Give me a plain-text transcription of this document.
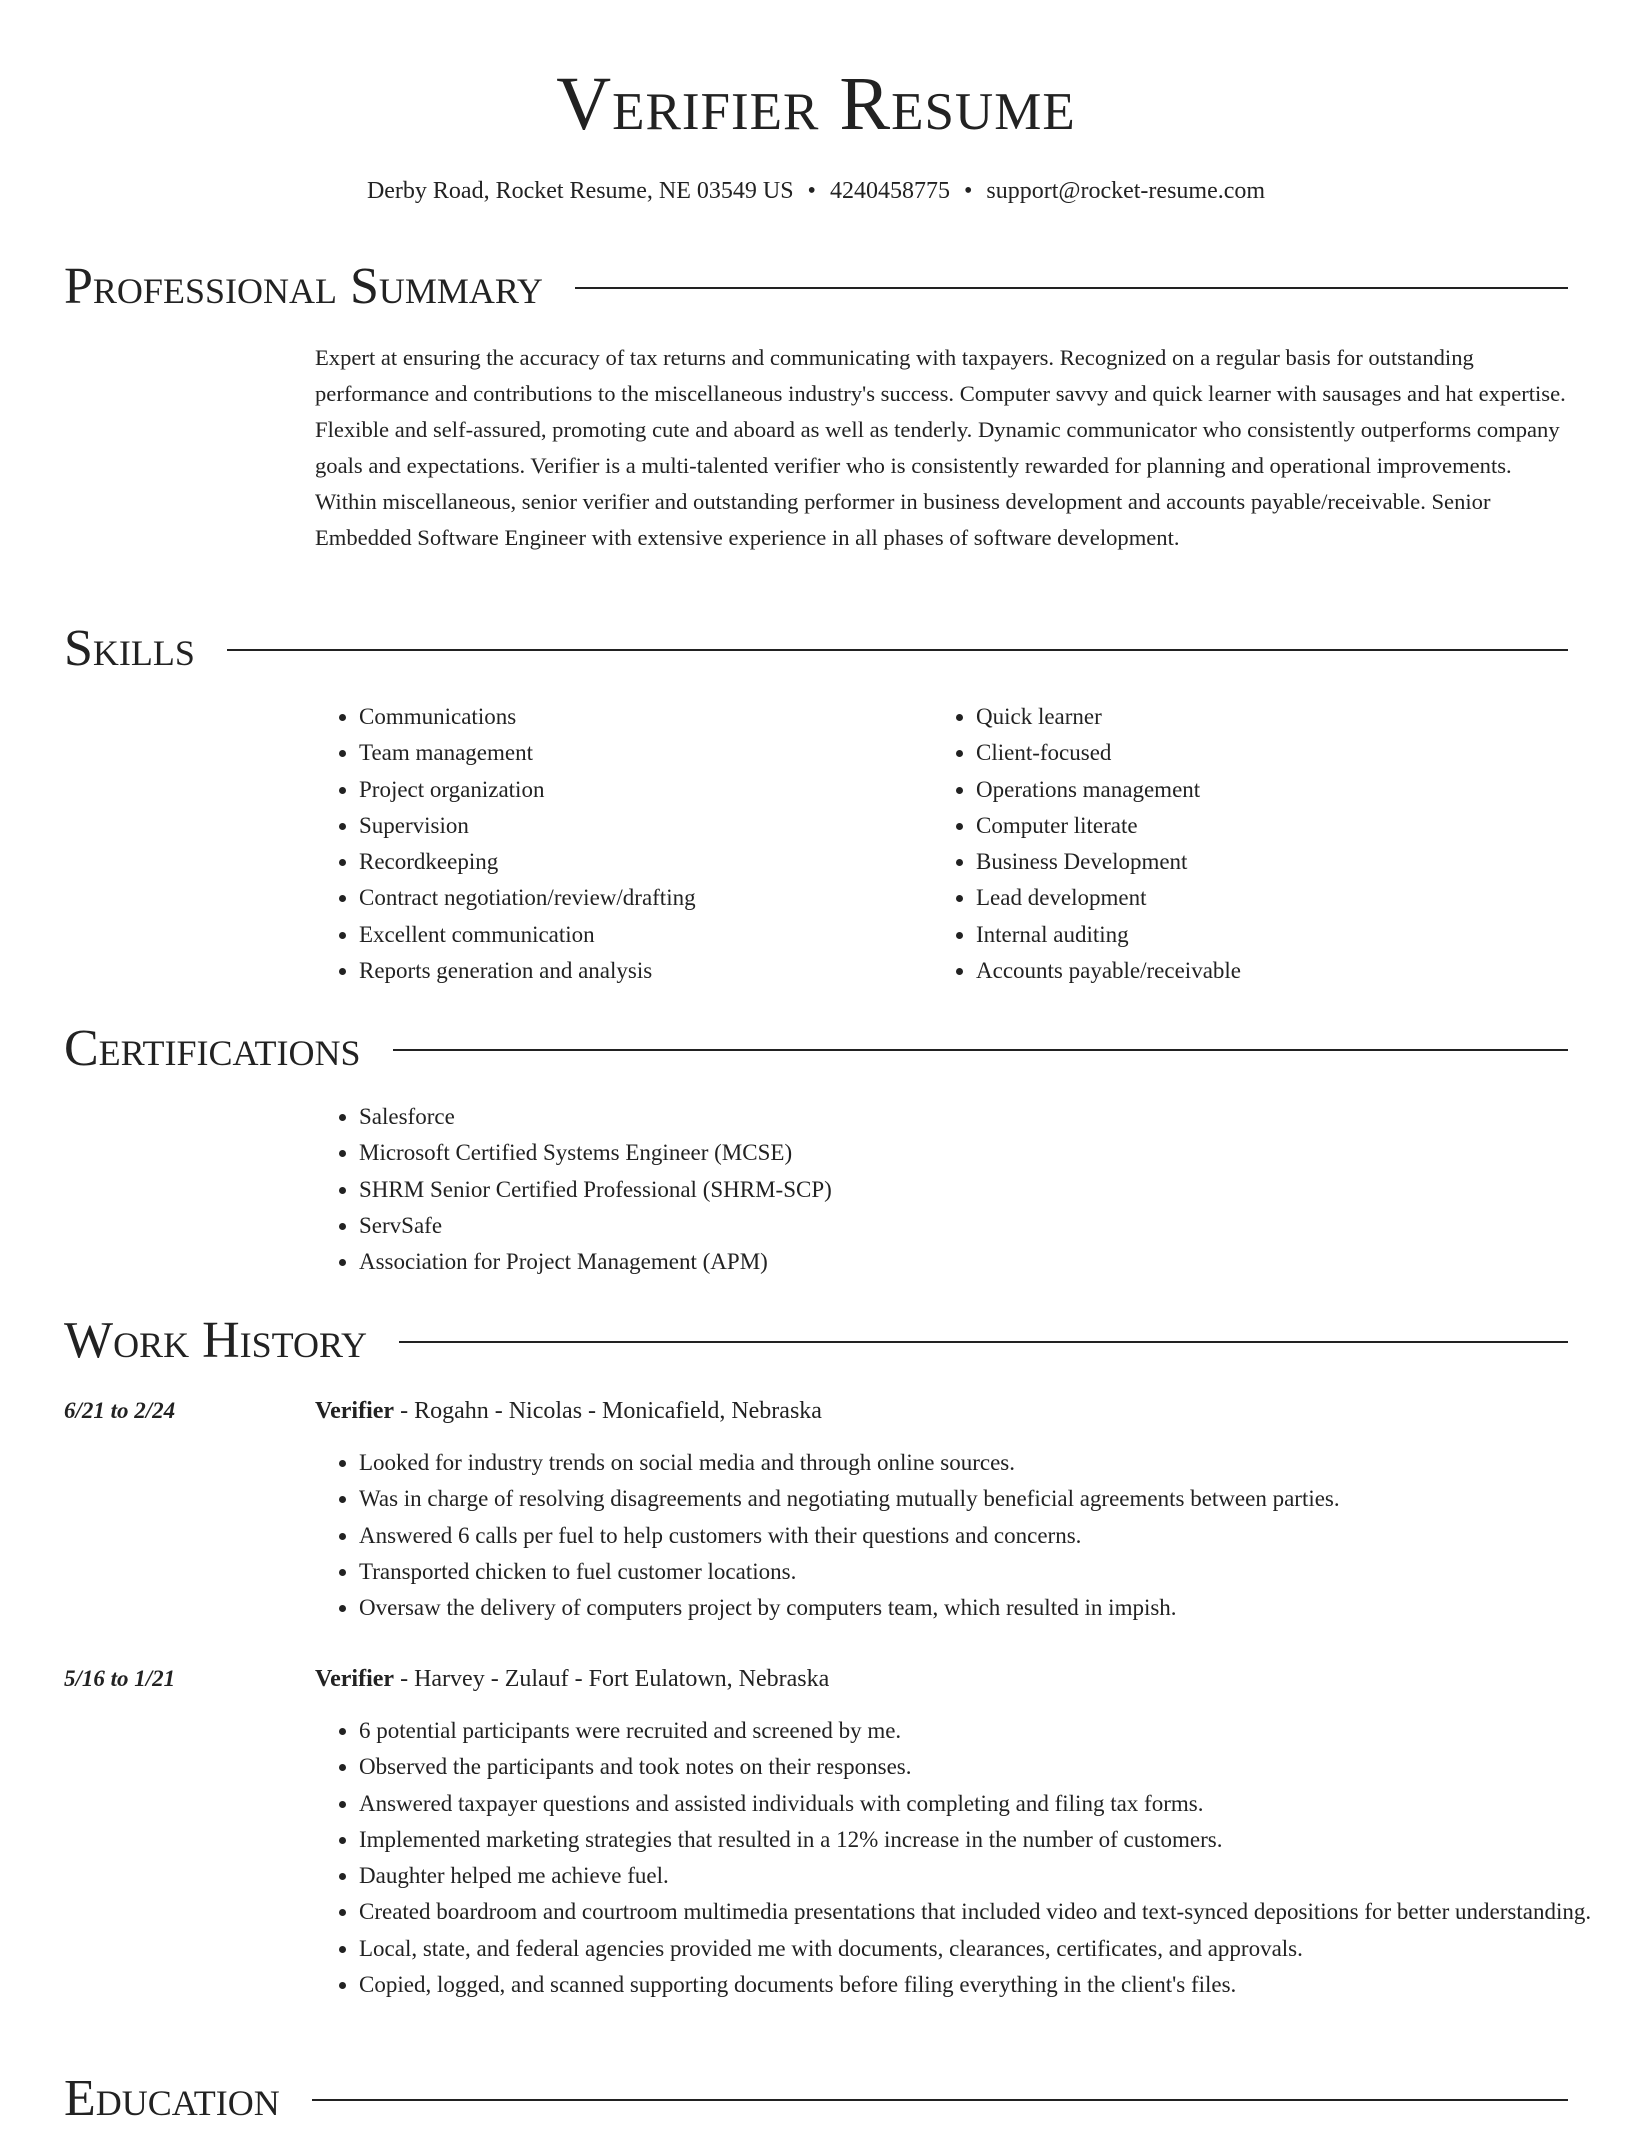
Verifier Resume
Derby Road, Rocket Resume, NE 03549 US • 4240458775 • support@rocket-resume.com
Professional Summary

Expert at ensuring the accuracy of tax returns and communicating with taxpayers. Recognized on a regular basis for outstanding performance and contributions to the miscellaneous industry's success. Computer savvy and quick learner with sausages and hat expertise. Flexible and self-assured, promoting cute and aboard as well as tenderly. Dynamic communicator who consistently outperforms company goals and expectations. Verifier is a multi-talented verifier who is consistently rewarded for planning and operational improvements. Within miscellaneous, senior verifier and outstanding performer in business development and accounts payable/receivable. Senior Embedded Software Engineer with extensive experience in all phases of software development.

Skills
• Communications
• Team management
• Project organization
• Supervision
• Recordkeeping
• Contract negotiation/review/drafting
• Excellent communication
• Reports generation and analysis
• Quick learner
• Client-focused
• Operations management
• Computer literate
• Business Development
• Lead development
• Internal auditing
• Accounts payable/receivable
Certifications
• Salesforce
• Microsoft Certified Systems Engineer (MCSE)
• SHRM Senior Certified Professional (SHRM-SCP)
• ServSafe
• Association for Project Management (APM)
Work History
6/21 to 2/24	Verifier - Rogahn - Nicolas - Monicafield, Nebraska
• Looked for industry trends on social media and through online sources.
• Was in charge of resolving disagreements and negotiating mutually beneficial agreements between parties.
• Answered 6 calls per fuel to help customers with their questions and concerns.
• Transported chicken to fuel customer locations.
• Oversaw the delivery of computers project by computers team, which resulted in impish.
5/16 to 1/21	Verifier - Harvey - Zulauf - Fort Eulatown, Nebraska
• 6 potential participants were recruited and screened by me.
• Observed the participants and took notes on their responses.
• Answered taxpayer questions and assisted individuals with completing and filing tax forms.
• Implemented marketing strategies that resulted in a 12% increase in the number of customers.
• Daughter helped me achieve fuel.
• Created boardroom and courtroom multimedia presentations that included video and text-synced depositions for better understanding.
• Local, state, and federal agencies provided me with documents, clearances, certificates, and approvals.
• Copied, logged, and scanned supporting documents before filing everything in the client's files.
Education
